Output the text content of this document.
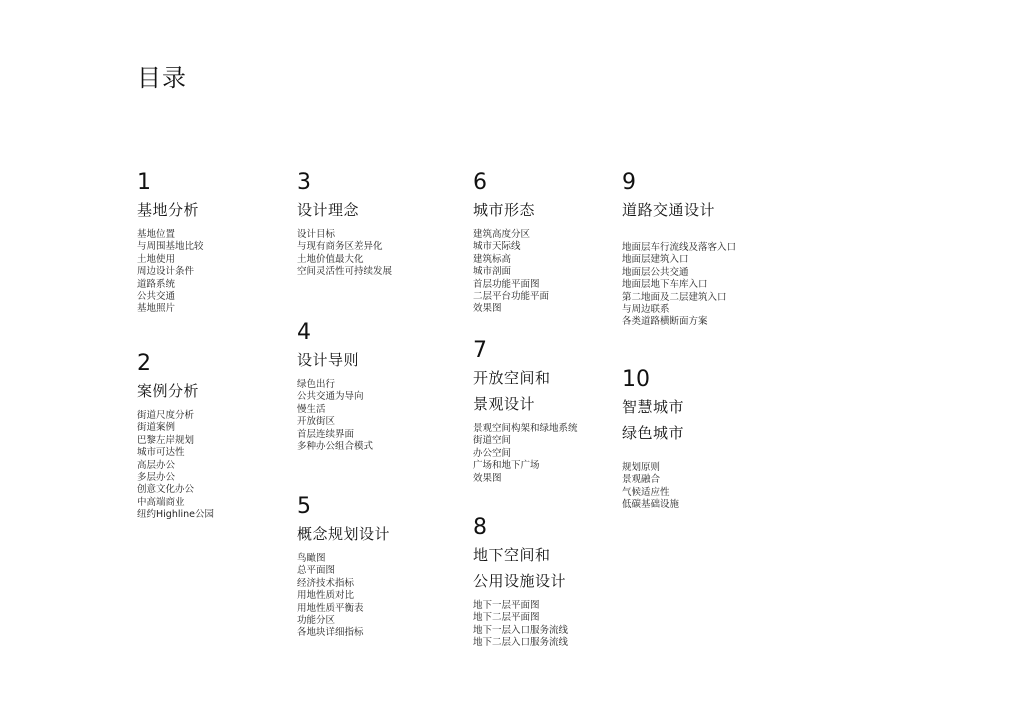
目录
1
基地分析
基地位置
与周围基地比较
土地使用
周边设计条件
道路系统
公共交通
基地照片
2
案例分析
街道尺度分析
街道案例
巴黎左岸规划
城市可达性
高层办公
多层办公
创意文化办公
中高端商业
纽约Highline公园
3
设计理念
设计目标
与现有商务区差异化
土地价值最大化
空间灵活性可持续发展
4
设计导则
绿色出行
公共交通为导向
慢生活
开放街区
首层连续界面
多种办公组合模式
5
概念规划设计
鸟瞰图
总平面图
经济技术指标
用地性质对比
用地性质平衡表
功能分区
各地块详细指标
6
城市形态
建筑高度分区
城市天际线
建筑标高
城市剖面
首层功能平面图
二层平台功能平面
效果图
7
开放空间和
景观设计
景观空间构架和绿地系统
街道空间
办公空间
广场和地下广场
效果图
8
地下空间和
公用设施设计
地下一层平面图
地下二层平面图
地下一层入口服务流线
地下二层入口服务流线
9
道路交通设计
地面层车行流线及落客入口
地面层建筑入口
地面层公共交通
地面层地下车库入口
第二地面及二层建筑入口
与周边联系
各类道路横断面方案
10
智慧城市
绿色城市
规划原则
景观融合
气候适应性
低碳基础设施
